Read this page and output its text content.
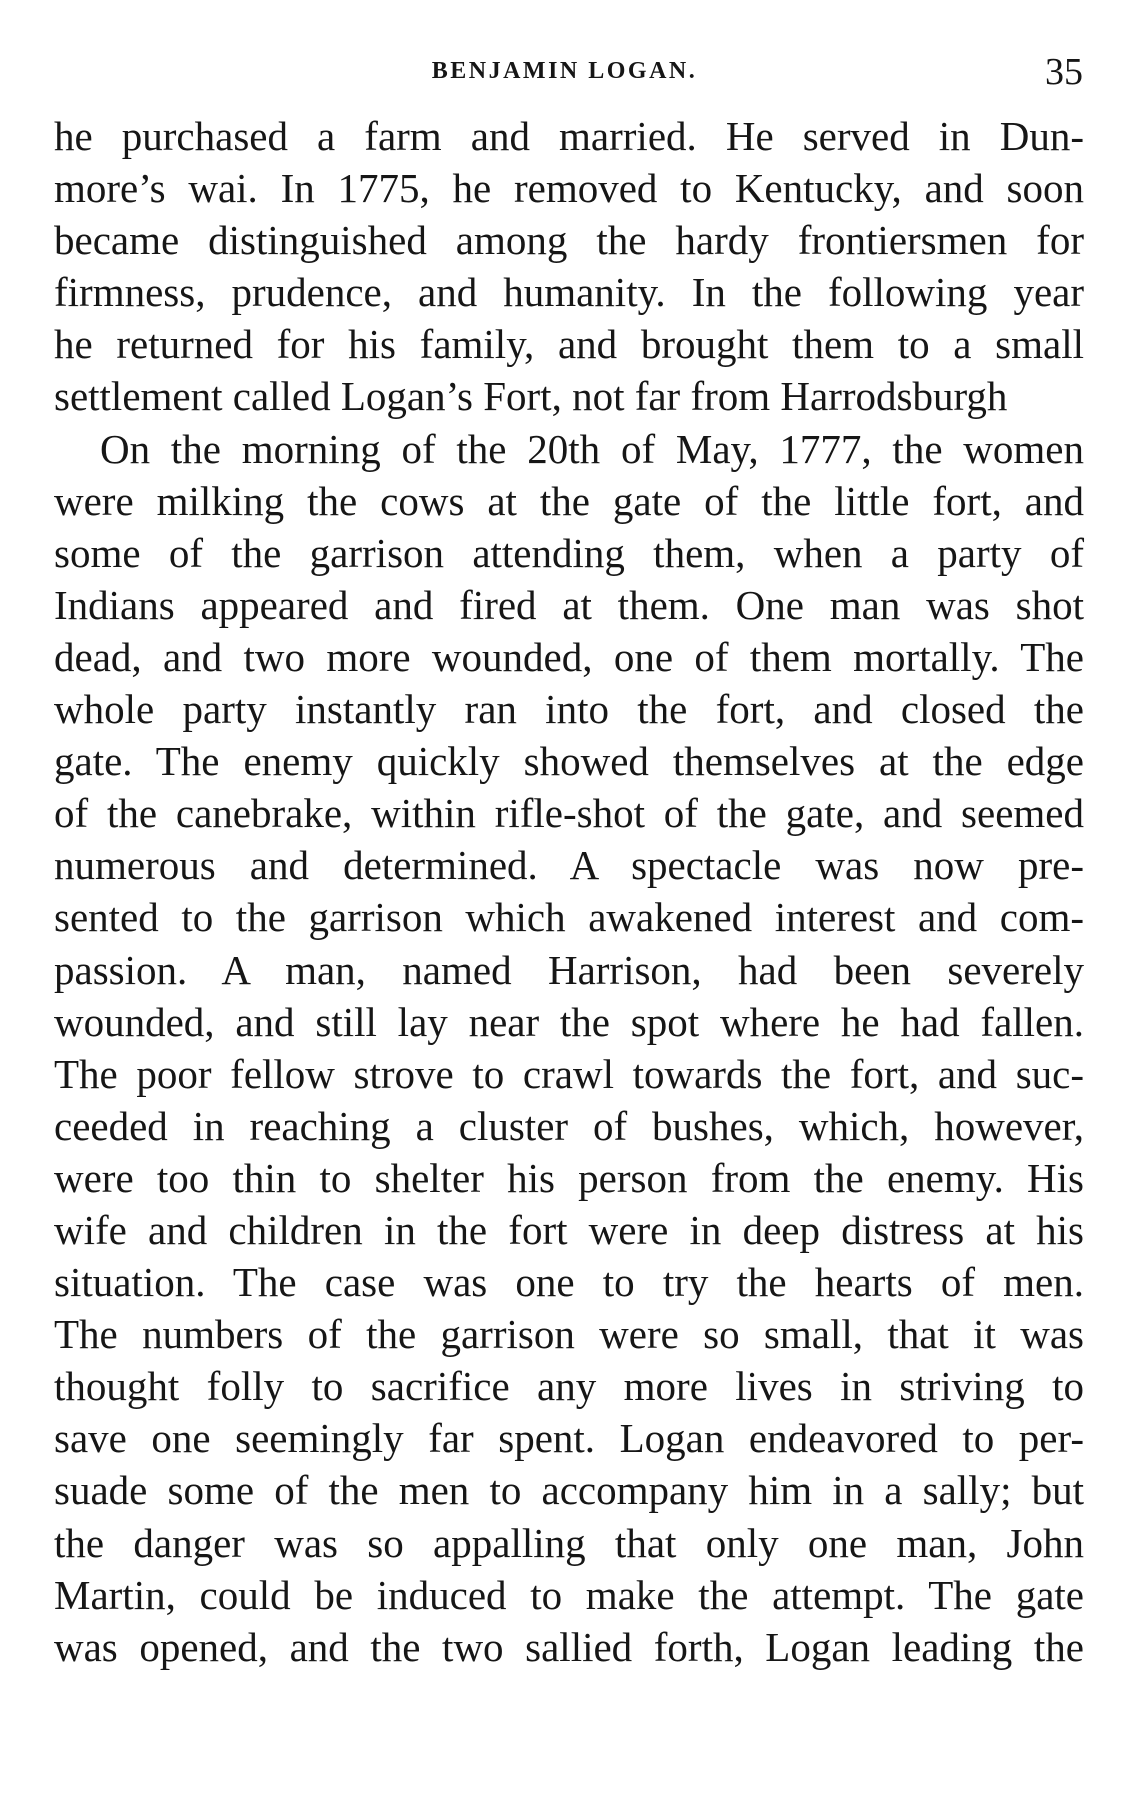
BENJAMIN LOGAN.	35
he purchased a farm and married. He served in Dun-
more’s wai. In 1775, he removed to Kentucky, and soon
became distinguished among the hardy frontiersmen for
firmness, prudence, and humanity. In the following year
he returned for his family, and brought them to a small
settlement called Logan’s Fort, not far from Harrodsburgh
On the morning of the 20th of May, 1777, the women
were milking the cows at the gate of the little fort, and
some of the garrison attending them, when a party of
Indians appeared and fired at them. One man was shot
dead, and two more wounded, one of them mortally. The
whole party instantly ran into the fort, and closed the
gate. The enemy quickly showed themselves at the edge
of the canebrake, within rifle-shot of the gate, and seemed
numerous and determined. A spectacle was now pre-
sented to the garrison which awakened interest and com-
passion. A man, named Harrison, had been severely
wounded, and still lay near the spot where he had fallen.
The poor fellow strove to crawl towards the fort, and suc-
ceeded in reaching a cluster of bushes, which, however,
were too thin to shelter his person from the enemy. His
wife and children in the fort were in deep distress at his
situation. The case was one to try the hearts of men.
The numbers of the garrison were so small, that it was
thought folly to sacrifice any more lives in striving to
save one seemingly far spent. Logan endeavored to per-
suade some of the men to accompany him in a sally; but
the danger was so appalling that only one man, John
Martin, could be induced to make the attempt. The gate
was opened, and the two sallied forth, Logan leading the
